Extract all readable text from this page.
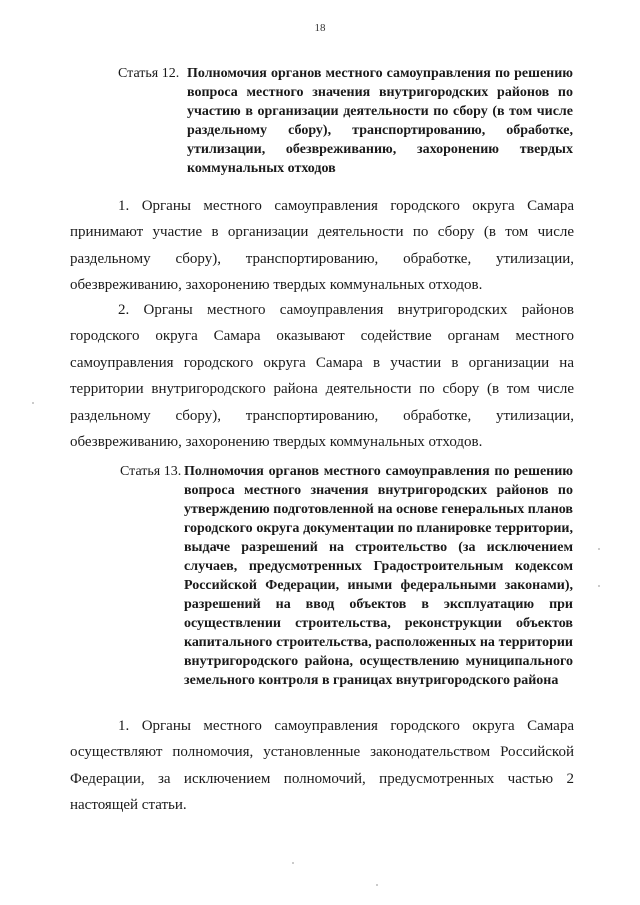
18
Статья 12. Полномочия органов местного самоуправления по решению вопроса местного значения внутригородских районов по участию в организации деятельности по сбору (в том числе раздельному сбору), транспортированию, обработке, утилизации, обезвреживанию, захоронению твердых коммунальных отходов
1. Органы местного самоуправления городского округа Самара принимают участие в организации деятельности по сбору (в том числе раздельному сбору), транспортированию, обработке, утилизации, обезвреживанию, захоронению твердых коммунальных отходов.
2. Органы местного самоуправления внутригородских районов городского округа Самара оказывают содействие органам местного самоуправления городского округа Самара в участии в организации на территории внутригородского района деятельности по сбору (в том числе раздельному сбору), транспортированию, обработке, утилизации, обезвреживанию, захоронению твердых коммунальных отходов.
Статья 13. Полномочия органов местного самоуправления по решению вопроса местного значения внутригородских районов по утверждению подготовленной на основе генеральных планов городского округа документации по планировке территории, выдаче разрешений на строительство (за исключением случаев, предусмотренных Градостроительным кодексом Российской Федерации, иными федеральными законами), разрешений на ввод объектов в эксплуатацию при осуществлении строительства, реконструкции объектов капитального строительства, расположенных на территории внутригородского района, осуществлению муниципального земельного контроля в границах внутригородского района
1. Органы местного самоуправления городского округа Самара осуществляют полномочия, установленные законодательством Российской Федерации, за исключением полномочий, предусмотренных частью 2 настоящей статьи.
